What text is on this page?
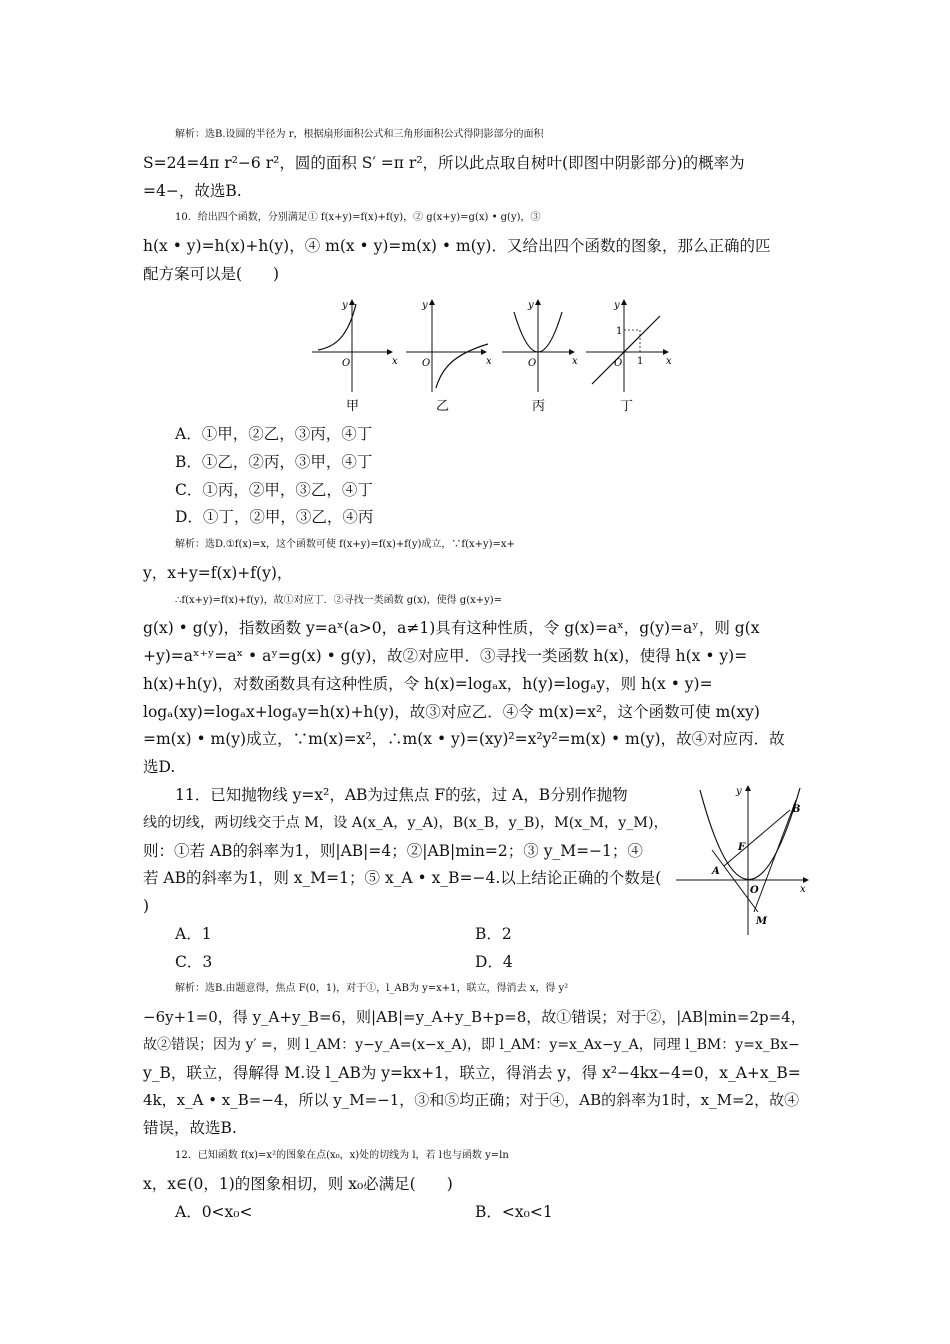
解析：选B.设圆的半径为 r，根据扇形面积公式和三角形面积公式得阴影部分的面积
S=24=4π r²−6 r²，圆的面积 S′ =π r²，所以此点取自树叶(即图中阴影部分)的概率为
=4−，故选B.
10．给出四个函数，分别满足① f(x+y)=f(x)+f(y)，② g(x+y)=g(x) • g(y)，③
h(x • y)=h(x)+h(y)，④ m(x • y)=m(x) • m(y)．又给出四个函数的图象，那么正确的匹
配方案可以是(　　)
y
x
O
甲
y
x
O
乙
y
x
O
丙
y
x
O
1
1
丁
A．①甲，②乙，③丙，④丁
B．①乙，②丙，③甲，④丁
C．①丙，②甲，③乙，④丁
D．①丁，②甲，③乙，④丙
解析：选D.①f(x)=x，这个函数可使 f(x+y)=f(x)+f(y)成立，∵f(x+y)=x+
y，x+y=f(x)+f(y)，
∴f(x+y)=f(x)+f(y)，故①对应丁．②寻找一类函数 g(x)，使得 g(x+y)=
g(x) • g(y)，指数函数 y=aˣ(a>0，a≠1)具有这种性质，令 g(x)=aˣ，g(y)=aʸ，则 g(x
+y)=aˣ⁺ʸ=aˣ • aʸ=g(x) • g(y)，故②对应甲．③寻找一类函数 h(x)，使得 h(x • y)=
h(x)+h(y)，对数函数具有这种性质，令 h(x)=logₐx，h(y)=logₐy，则 h(x • y)=
logₐ(xy)=logₐx+logₐy=h(x)+h(y)，故③对应乙．④令 m(x)=x²，这个函数可使 m(xy)
=m(x) • m(y)成立，∵m(x)=x²，∴m(x • y)=(xy)²=x²y²=m(x) • m(y)，故④对应丙．故
选D.
11．已知抛物线 y=x²，AB为过焦点 F的弦，过 A，B分别作抛物
线的切线，两切线交于点 M，设 A(x_A，y_A)，B(x_B，y_B)，M(x_M，y_M)，
则：①若 AB的斜率为1，则|AB|=4；②|AB|min=2；③ y_M=−1；④
若 AB的斜率为1，则 x_M=1；⑤ x_A • x_B=−4.以上结论正确的个数是(
)
y
x
O
A
B
F
M
A．1	B．2
C．3	D．4
解析：选B.由题意得，焦点 F(0，1)，对于①，l_AB为 y=x+1，联立，得消去 x，得 y²
−6y+1=0，得 y_A+y_B=6，则|AB|=y_A+y_B+p=8，故①错误；对于②，|AB|min=2p=4，
故②错误；因为 y′ =，则 l_AM：y−y_A=(x−x_A)，即 l_AM：y=x_Ax−y_A，同理 l_BM：y=x_Bx−
y_B，联立，得解得 M.设 l_AB为 y=kx+1，联立，得消去 y，得 x²−4kx−4=0，x_A+x_B=
4k，x_A • x_B=−4，所以 y_M=−1，③和⑤均正确；对于④，AB的斜率为1时，x_M=2，故④
错误，故选B.
12．已知函数 f(x)=x²的图象在点(x₀，x)处的切线为 l，若 l也与函数 y=ln
x，x∈(0，1)的图象相切，则 x₀必满足(　　)
A．0<x₀<	B．<x₀<1
